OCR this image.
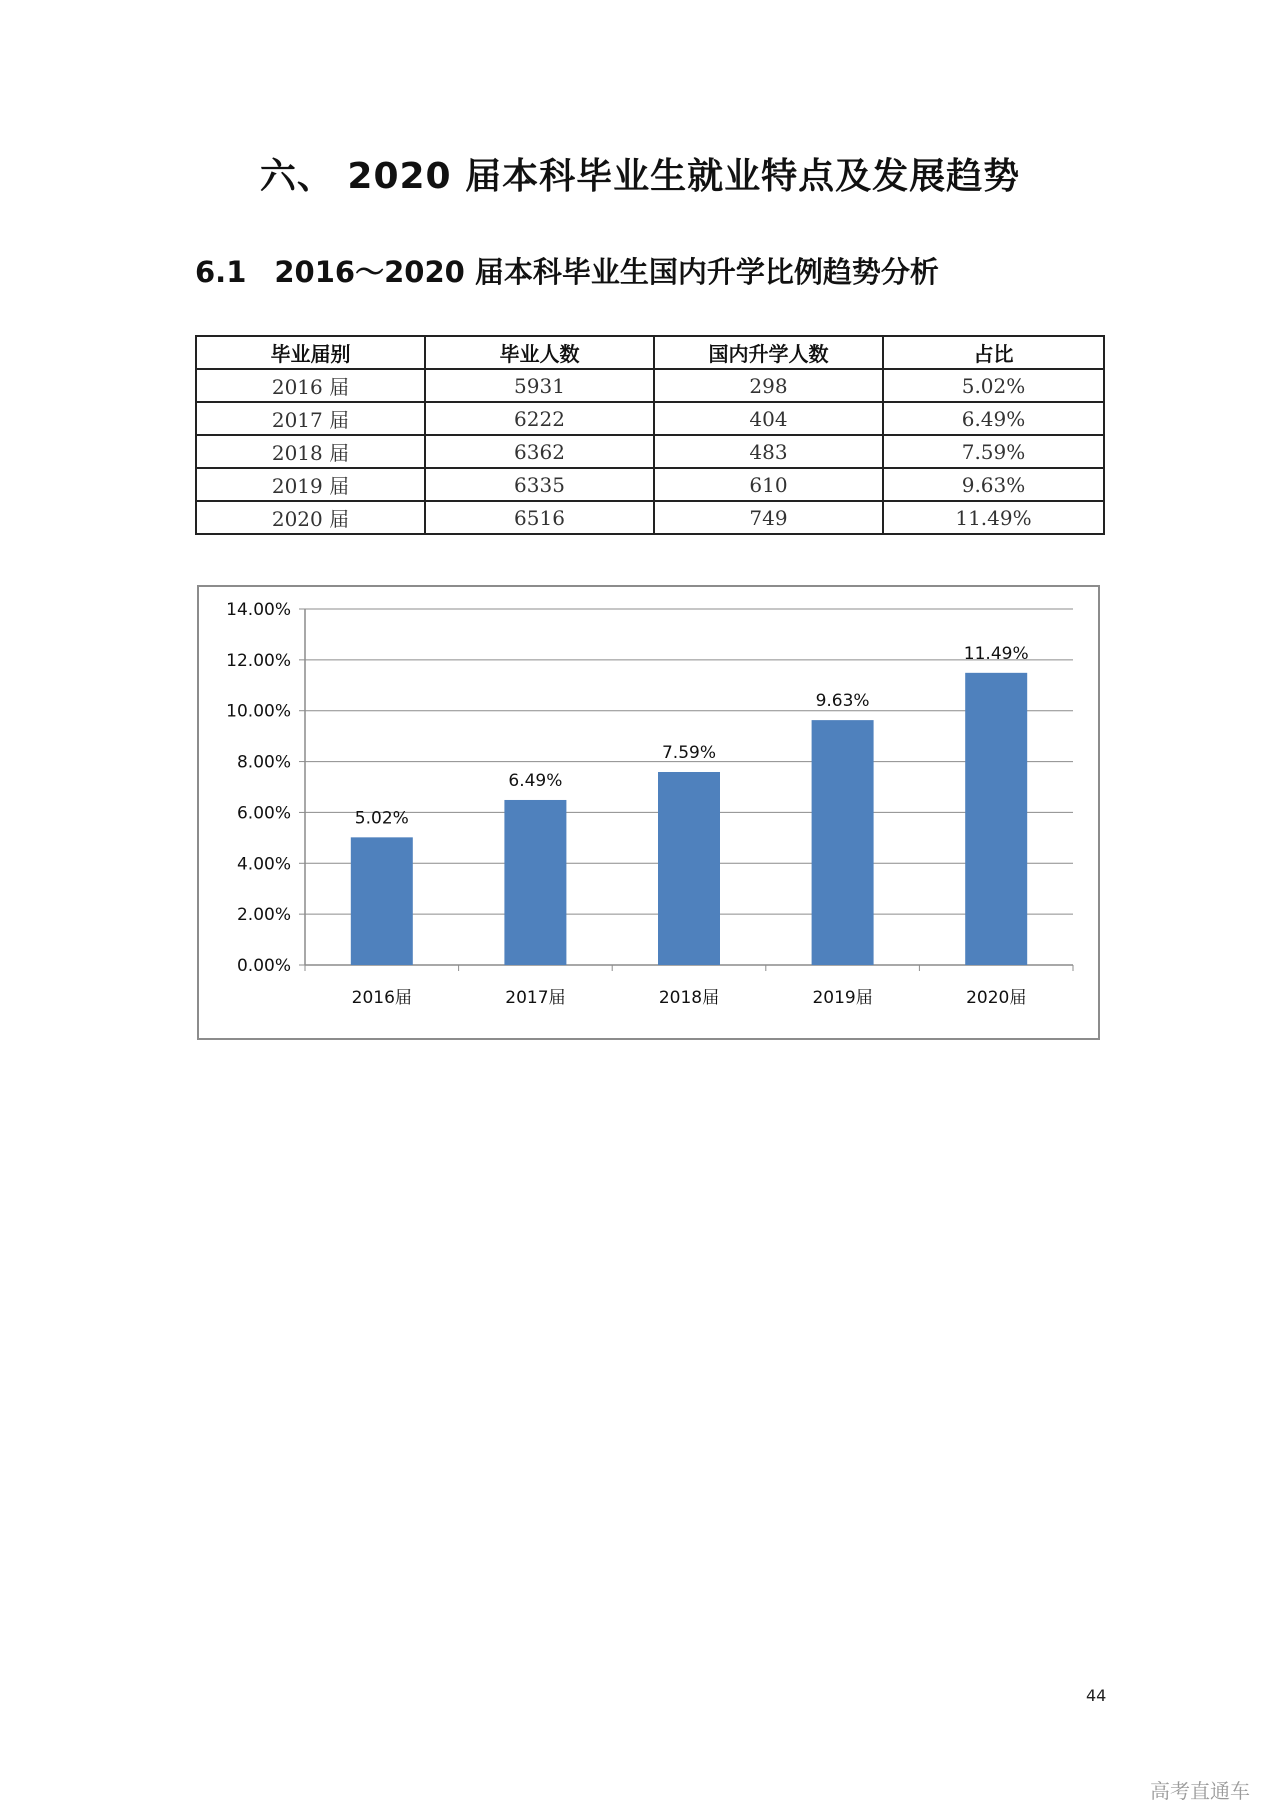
六、 2020 届本科毕业生就业特点及发展趋势
6.1 2016～2020 届本科毕业生国内升学比例趋势分析
毕业届别	毕业人数	国内升学人数	占比
2016 届	5931	298	5.02%
2017 届	6222	404	6.49%
2018 届	6362	483	7.59%
2019 届	6335	610	9.63%
2020 届	6516	749	11.49%
0.00%
2.00%
4.00%
6.00%
8.00%
10.00%
12.00%
14.00%
5.02%
2016届
6.49%
2017届
7.59%
2018届
9.63%
2019届
11.49%
2020届
44
高考直通车
